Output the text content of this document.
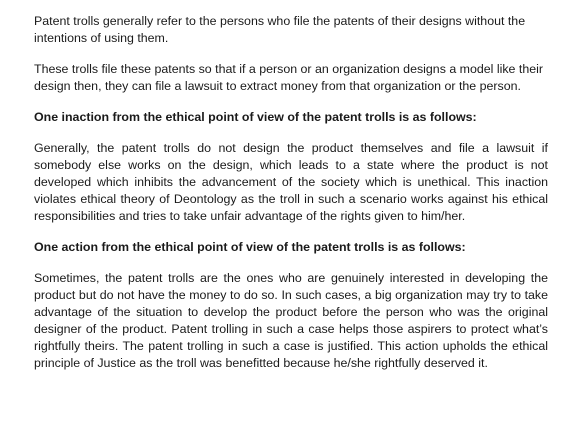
Patent trolls generally refer to the persons who file the patents of their designs without the intentions of using them.

These trolls file these patents so that if a person or an organization designs a model like their design then, they can file a lawsuit to extract money from that organization or the person.

One inaction from the ethical point of view of the patent trolls is as follows:

Generally, the patent trolls do not design the product themselves and file a lawsuit if somebody else works on the design, which leads to a state where the product is not developed which inhibits the advancement of the society which is unethical. This inaction violates ethical theory of Deontology as the troll in such a scenario works against his ethical responsibilities and tries to take unfair advantage of the rights given to him/her.

One action from the ethical point of view of the patent trolls is as follows:

Sometimes, the patent trolls are the ones who are genuinely interested in developing the product but do not have the money to do so. In such cases, a big organization may try to take advantage of the situation to develop the product before the person who was the original designer of the product. Patent trolling in such a case helps those aspirers to protect what’s rightfully theirs. The patent trolling in such a case is justified. This action upholds the ethical principle of Justice as the troll was benefitted because he/she rightfully deserved it.
